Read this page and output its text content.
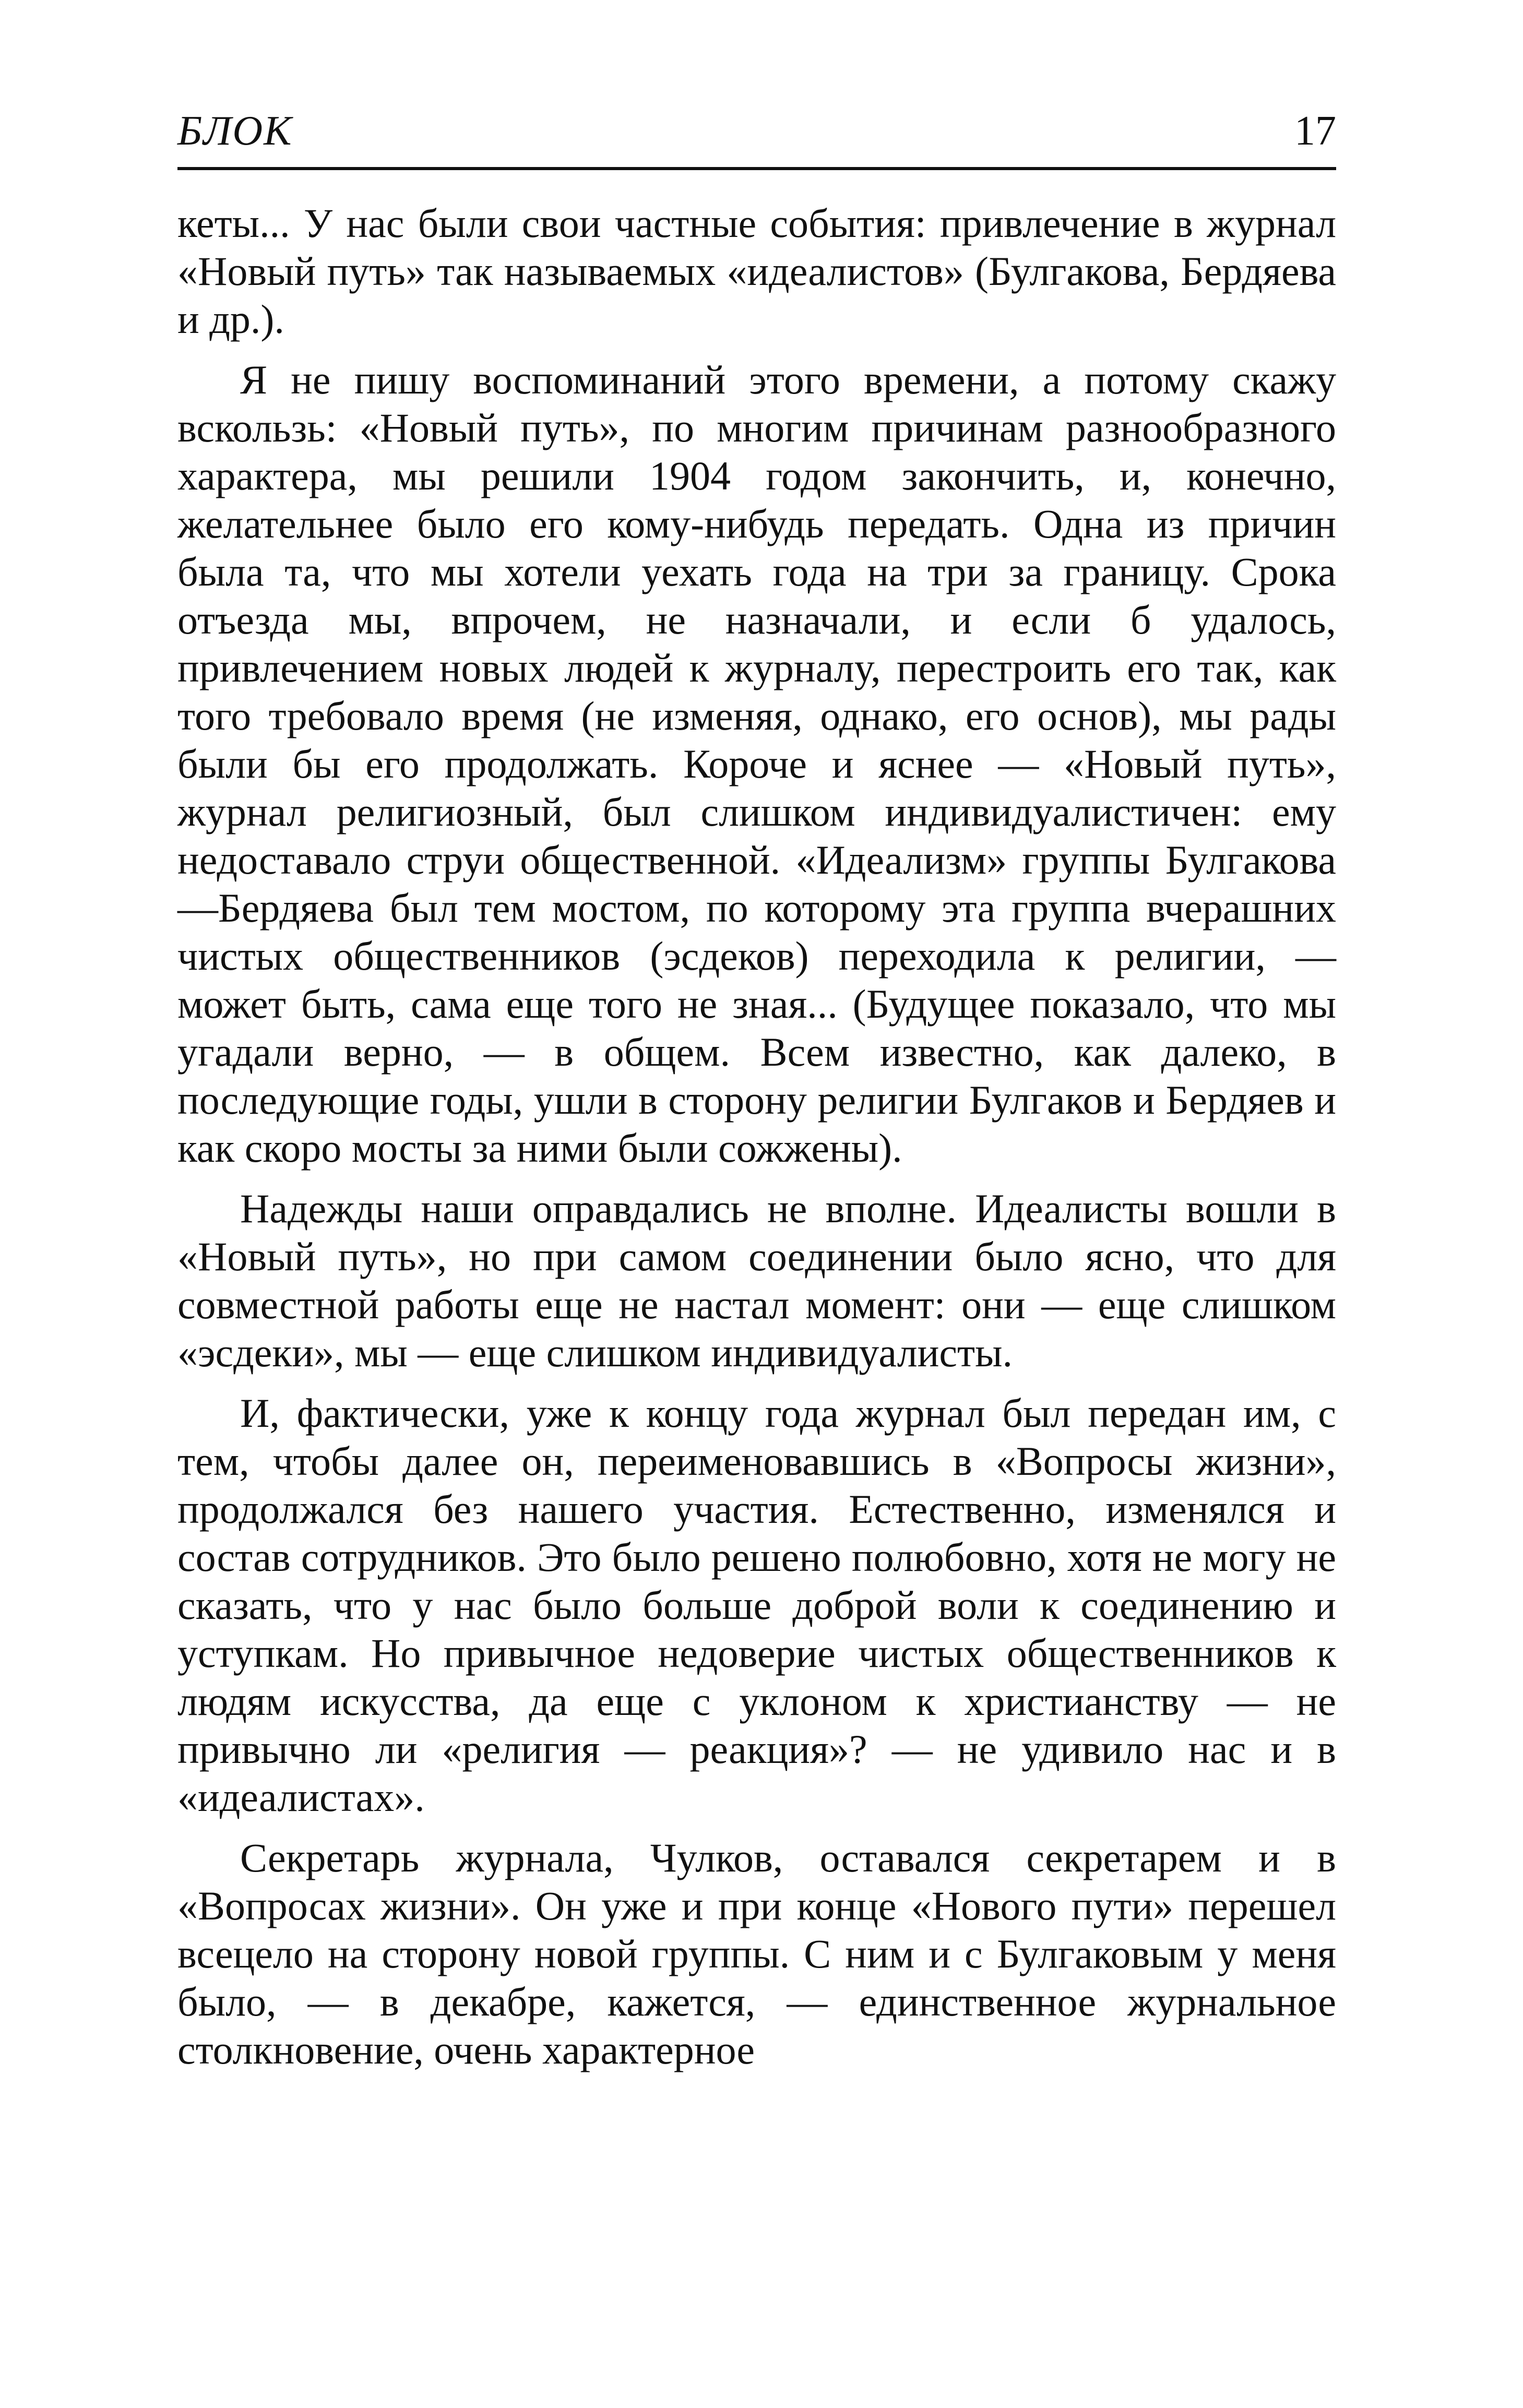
БЛОК	17

кеты... У нас были свои частные события: привлечение в журнал «Новый путь» так называемых «идеалистов» (Булгакова, Бердяева и др.).

Я не пишу воспоминаний этого времени, а потому скажу вскользь: «Новый путь», по многим причинам разнообразного характера, мы решили 1904 годом закончить, и, конечно, желательнее было его кому-нибудь передать. Одна из причин была та, что мы хотели уехать года на три за границу. Срока отъезда мы, впрочем, не назначали, и если б удалось, привлечением новых людей к журналу, перестроить его так, как того требовало время (не изменяя, однако, его основ), мы рады были бы его продолжать. Короче и яснее — «Новый путь», журнал религиозный, был слишком индивидуалистичен: ему недоставало струи общественной. «Идеализм» группы Булгакова—Бердяева был тем мостом, по которому эта группа вчерашних чистых общественников (эсдеков) переходила к религии, — может быть, сама еще того не зная... (Будущее показало, что мы угадали верно, — в общем. Всем известно, как далеко, в последующие годы, ушли в сторону религии Булгаков и Бердяев и как скоро мосты за ними были сожжены).

Надежды наши оправдались не вполне. Идеалисты вошли в «Новый путь», но при самом соединении было ясно, что для совместной работы еще не настал момент: они — еще слишком «эсдеки», мы — еще слишком индивидуалисты.

И, фактически, уже к концу года журнал был передан им, с тем, чтобы далее он, переименовавшись в «Вопросы жизни», продолжался без нашего участия. Естественно, изменялся и состав сотрудников. Это было решено полюбовно, хотя не могу не сказать, что у нас было больше доброй воли к соединению и уступкам. Но привычное недоверие чистых общественников к людям искусства, да еще с уклоном к христианству — не привычно ли «религия — реакция»? — не удивило нас и в «идеалистах».

Секретарь журнала, Чулков, оставался секретарем и в «Вопросах жизни». Он уже и при конце «Нового пути» перешел всецело на сторону новой группы. С ним и с Булгаковым у меня было, — в декабре, кажется, — единственное журнальное столкновение, очень характерное
